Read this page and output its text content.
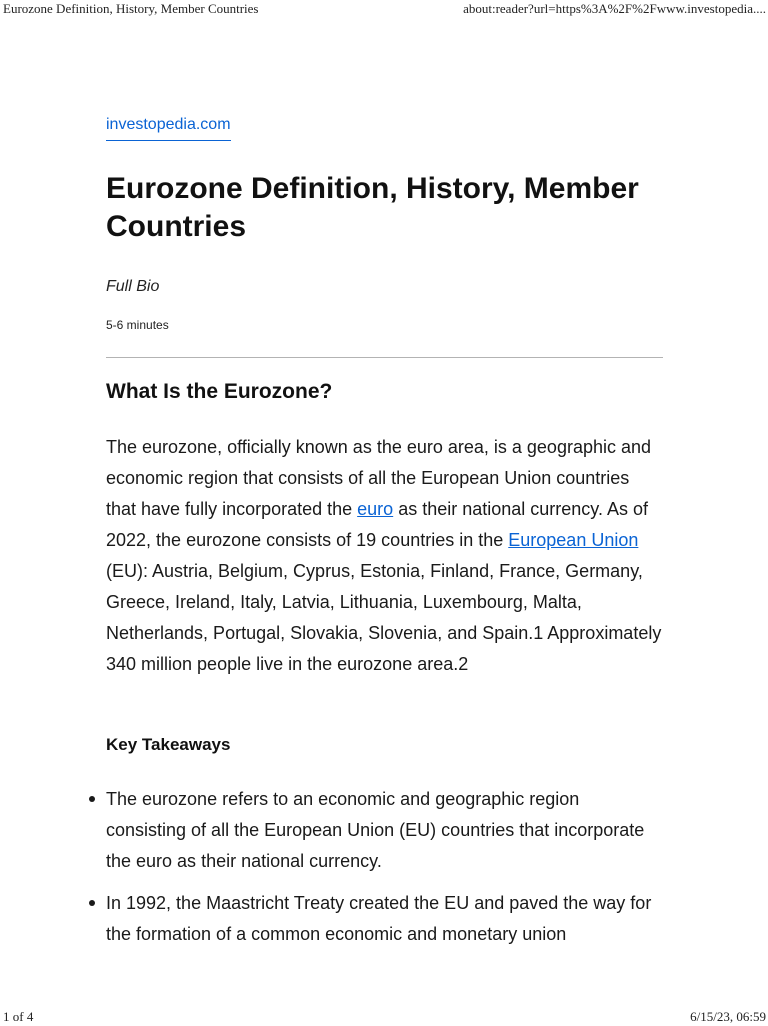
Eurozone Definition, History, Member Countries	about:reader?url=https%3A%2F%2Fwww.investopedia....
investopedia.com
Eurozone Definition, History, Member Countries
Full Bio
5-6 minutes
What Is the Eurozone?

The eurozone, officially known as the euro area, is a geographic and economic region that consists of all the European Union countries that have fully incorporated the euro as their national currency. As of 2022, the eurozone consists of 19 countries in the European Union (EU): Austria, Belgium, Cyprus, Estonia, Finland, France, Germany, Greece, Ireland, Italy, Latvia, Lithuania, Luxembourg, Malta, Netherlands, Portugal, Slovakia, Slovenia, and Spain.1 Approximately 340 million people live in the eurozone area.2

Key Takeaways
The eurozone refers to an economic and geographic region consisting of all the European Union (EU) countries that incorporate the euro as their national currency.
In 1992, the Maastricht Treaty created the EU and paved the way for the formation of a common economic and monetary union
1 of 4	6/15/23, 06:59
